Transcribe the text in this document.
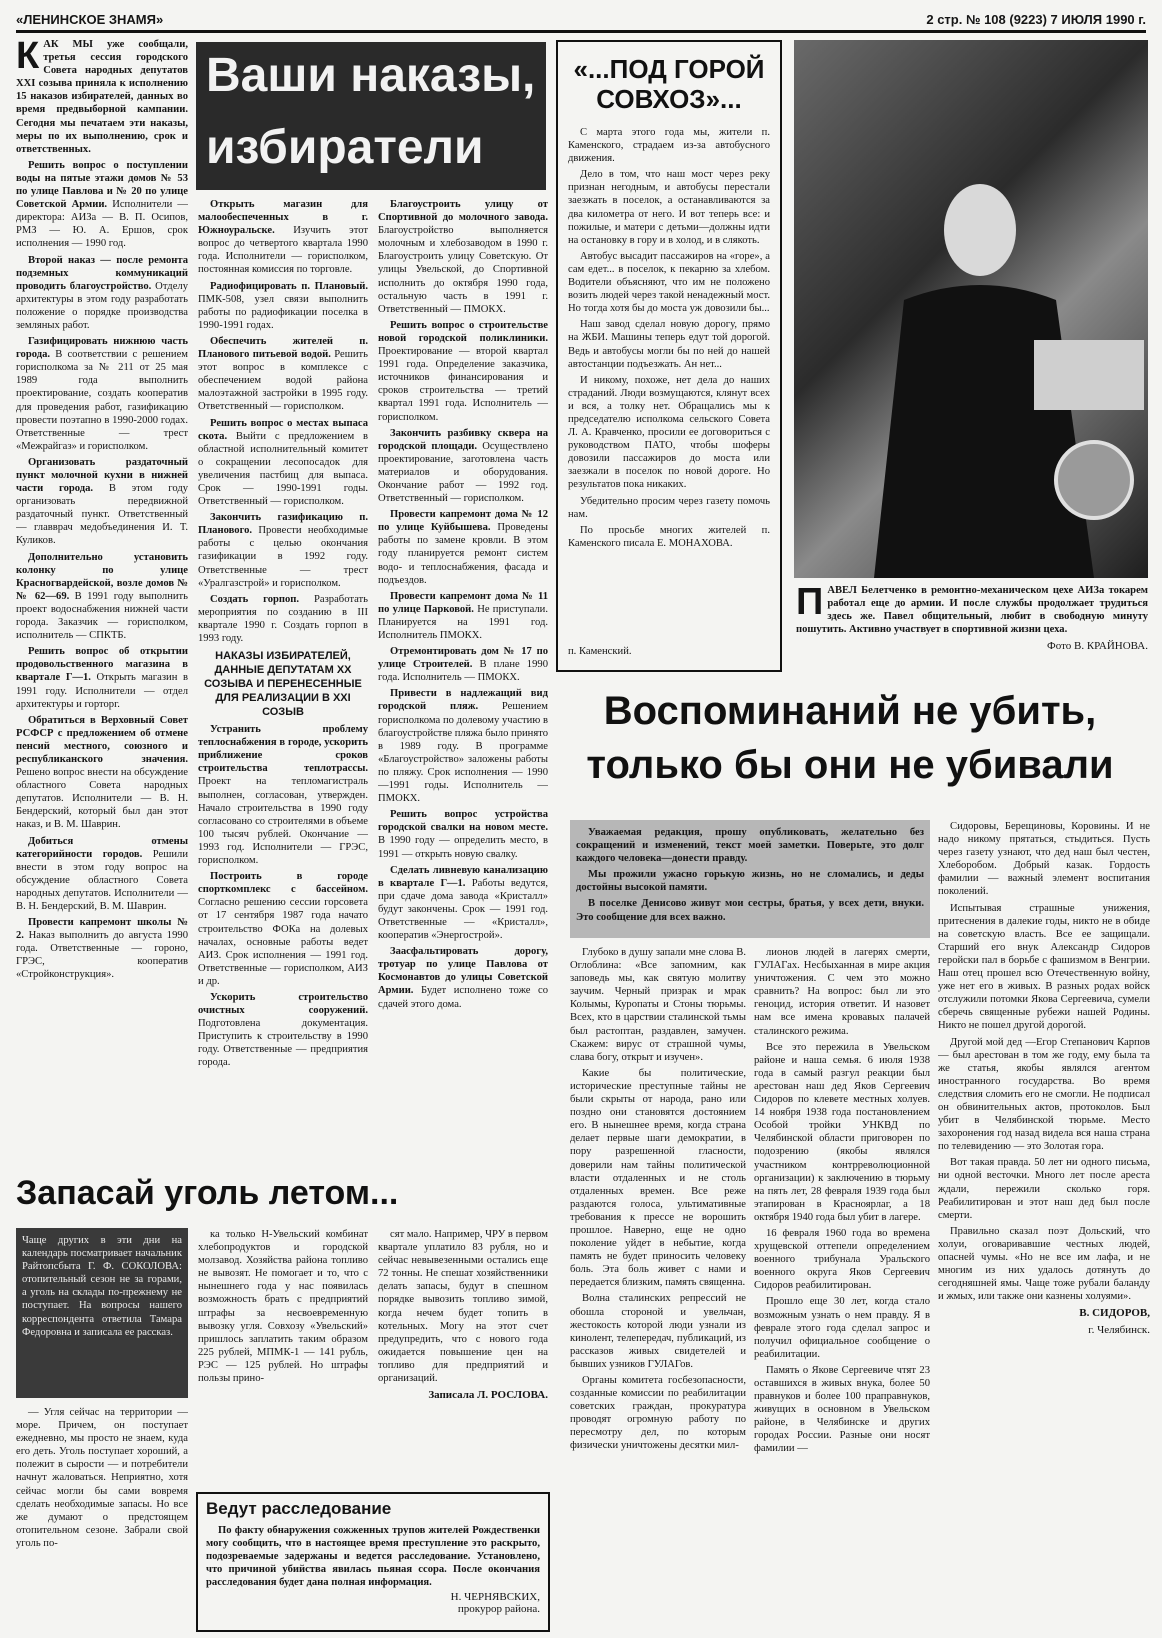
«ЛЕНИНСКОЕ ЗНАМЯ»	2 стр. № 108 (9223) 7 ИЮЛЯ 1990 г.

КАК МЫ уже сообщали, третья сессия городского Совета народных депутатов XXI созыва приняла к исполнению 15 наказов избирателей, данных во время предвыборной кампании. Сегодня мы печатаем эти наказы, меры по их выполнению, срок и ответственных.

Решить вопрос о поступлении воды на пятые этажи домов № 53 по улице Павлова и № 20 по улице Советской Армии. Исполнители — директора: АИЗа — В. П. Осипов, РМЗ — Ю. А. Ершов, срок исполнения — 1990 год.

Второй наказ — после ремонта подземных коммуникаций проводить благоустройство. Отделу архитектуры в этом году разработать положение о порядке производства земляных работ.

Газифицировать нижнюю часть города. В соответствии с решением горисполкома за № 211 от 25 мая 1989 года выполнить проектирование, создать кооператив для проведения работ, газификацию провести поэтапно в 1990-2000 годах. Ответственные — трест «Межрайгаз» и горисполком.

Организовать раздаточный пункт молочной кухни в нижней части города. В этом году организовать передвижной раздаточный пункт. Ответственный — главврач медобъединения И. Т. Куликов.

Дополнительно установить колонку по улице Красногвардейской, возле домов №№ 62—69. В 1991 году выполнить проект водоснабжения нижней части города. Заказчик — горисполком, исполнитель — СПКТБ.

Решить вопрос об открытии продовольственного магазина в квартале Г—1. Открыть магазин в 1991 году. Исполнители — отдел архитектуры и горторг.

Обратиться в Верховный Совет РСФСР с предложением об отмене пенсий местного, союзного и республиканского значения. Решено вопрос внести на обсуждение областного Совета народных депутатов. Исполнители — В. Н. Бендерский, который был дан этот наказ, и В. М. Шаврин.

Добиться отмены категорийности городов. Решили внести в этом году вопрос на обсуждение областного Совета народных депутатов. Исполнители — В. Н. Бендерский, В. М. Шаврин.

Провести капремонт школы № 2. Наказ выполнить до августа 1990 года. Ответственные — гороно, ГРЭС, кооператив «Стройконструкция».

Ваши наказы,
избиратели

Открыть магазин для малообеспеченных в г. Южноуральске. Изучить этот вопрос до четвертого квартала 1990 года. Исполнители — горисполком, постоянная комиссия по торговле.

Радиофицировать п. Плановый. ПМК-508, узел связи выполнить работы по радиофикации поселка в 1990-1991 годах.

Обеспечить жителей п. Планового питьевой водой. Решить этот вопрос в комплексе с обеспечением водой района малоэтажной застройки в 1995 году. Ответственный — горисполком.

Решить вопрос о местах выпаса скота. Выйти с предложением в областной исполнительный комитет о сокращении лесопосадок для увеличения пастбищ для выпаса. Срок — 1990-1991 годы. Ответственный — горисполком.

Закончить газификацию п. Планового. Провести необходимые работы с целью окончания газификации в 1992 году. Ответственные — трест «Уралгазстрой» и горисполком.

Создать горпоп. Разработать мероприятия по созданию в III квартале 1990 г. Создать горпоп в 1993 году.

НАКАЗЫ ИЗБИРАТЕЛЕЙ, ДАННЫЕ ДЕПУТАТАМ XX СОЗЫВА И ПЕРЕНЕСЕННЫЕ ДЛЯ РЕАЛИЗАЦИИ В XXI СОЗЫВ

Устранить проблему теплоснабжения в городе, ускорить приближение сроков строительства теплотрассы. Проект на тепломагистраль выполнен, согласован, утвержден. Начало строительства в 1990 году согласовано со строителями в объеме 100 тысяч рублей. Окончание — 1993 год. Исполнители — ГРЭС, горисполком.

Построить в городе спорткомплекс с бассейном. Согласно решению сессии горсовета от 17 сентября 1987 года начато строительство ФОКа на долевых началах, основные работы ведет АИЗ. Срок исполнения — 1991 год. Ответственные — горисполком, АИЗ и др.

Ускорить строительство очистных сооружений. Подготовлена документация. Приступить к строительству в 1990 году. Ответственные — предприятия города.

Благоустроить улицу от Спортивной до молочного завода. Благоустройство выполняется молочным и хлебозаводом в 1990 г. Благоустроить улицу Советскую. От улицы Увельской, до Спортивной исполнить до октября 1990 года, остальную часть в 1991 г. Ответственный — ПМОКХ.

Решить вопрос о строительстве новой городской поликлиники. Проектирование — второй квартал 1991 года. Определение заказчика, источников финансирования и сроков строительства — третий квартал 1991 года. Исполнитель — горисполком.

Закончить разбивку сквера на городской площади. Осуществлено проектирование, заготовлена часть материалов и оборудования. Окончание работ — 1992 год. Ответственный — горисполком.

Провести капремонт дома № 12 по улице Куйбышева. Проведены работы по замене кровли. В этом году планируется ремонт систем водо- и теплоснабжения, фасада и подъездов.

Провести капремонт дома № 11 по улице Парковой. Не приступали. Планируется на 1991 год. Исполнитель ПМОКХ.

Отремонтировать дом № 17 по улице Строителей. В плане 1990 года. Исполнитель — ПМОКХ.

Привести в надлежащий вид городской пляж. Решением горисполкома по долевому участию в благоустройстве пляжа было принято в 1989 году. В программе «Благоустройство» заложены работы по пляжу. Срок исполнения — 1990—1991 годы. Исполнитель — ПМОКХ.

Решить вопрос устройства городской свалки на новом месте. В 1990 году — определить место, в 1991 — открыть новую свалку.

Сделать ливневую канализацию в квартале Г—1. Работы ведутся, при сдаче дома завода «Кристалл» будут закончены. Срок — 1991 год. Ответственные — «Кристалл», кооператив «Энергострой».

Заасфальтировать дорогу, тротуар по улице Павлова от Космонавтов до улицы Советской Армии. Будет исполнено тоже со сдачей этого дома.

«...ПОД ГОРОЙ СОВХОЗ»...

С марта этого года мы, жители п. Каменского, страдаем из-за автобусного движения.

Дело в том, что наш мост через реку признан негодным, и автобусы перестали заезжать в поселок, а останавливаются за два километра от него. И вот теперь все: и пожилые, и матери с детьми—должны идти на остановку в гору и в холод, и в слякоть.

Автобус высадит пассажиров на «горе», а сам едет... в поселок, к пекарню за хлебом. Водители объясняют, что им не положено возить людей через такой ненадежный мост. Но тогда хотя бы до моста уж довозили бы...

Наш завод сделал новую дорогу, прямо на ЖБИ. Машины теперь едут той дорогой. Ведь и автобусы могли бы по ней до нашей автостанции подъезжать. Ан нет...

И никому, похоже, нет дела до наших страданий. Люди возмущаются, клянут всех и вся, а толку нет. Обращались мы к председателю исполкома сельского Совета Л. А. Кравченко, просили ее договориться с руководством ПАТО, чтобы шоферы довозили пассажиров до моста или заезжали в поселок по новой дороге. Но результатов пока никаких.

Убедительно просим через газету помочь нам.

По просьбе многих жителей п. Каменского писала Е. МОНАХОВА.

п. Каменский.

ПАВЕЛ Белетченко в ремонтно-механическом цехе АИЗа токарем работал еще до армии. И после службы продолжает трудиться здесь же. Павел общительный, любит в свободную минуту пошутить. Активно участвует в спортивной жизни цеха.

Фото В. КРАЙНОВА.
Воспоминаний не убить,
только бы они не убивали

Уважаемая редакция, прошу опубликовать, желательно без сокращений и изменений, текст моей заметки. Поверьте, это долг каждого человека—донести правду.

Мы прожили ужасно горькую жизнь, но не сломались, и деды достойны высокой памяти.

В поселке Денисово живут мои сестры, братья, у всех дети, внуки. Это сообщение для всех важно.

Глубоко в душу запали мне слова В. Оглоблина: «Все запомним, как заповедь мы, как святую молитву заучим. Черный призрак и мрак Колымы, Куропаты и Стоны тюрьмы. Всех, кто в царствии сталинской тьмы был растоптан, раздавлен, замучен. Скажем: вирус от страшной чумы, слава богу, открыт и изучен».

Какие бы политические, исторические преступные тайны не были скрыты от народа, рано или поздно они становятся достоянием его. В нынешнее время, когда страна делает первые шаги демократии, в пору разрешенной гласности, доверили нам тайны политической власти отдаленных и не столь отдаленных времен. Все реже раздаются голоса, ультимативные требования к прессе не ворошить прошлое. Наверно, еще не одно поколение уйдет в небытие, когда память не будет приносить человеку боль. Эта боль живет с нами и передается близким, память священна.

Волна сталинских репрессий не обошла стороной и увельчан, жестокость которой люди узнали из кинолент, телепередач, публикаций, из рассказов живых свидетелей и бывших узников ГУЛАГов.

Органы комитета госбезопасности, созданные комиссии по реабилитации советских граждан, прокуратура проводят огромную работу по пересмотру дел, по которым физически уничтожены десятки мил-

лионов людей в лагерях смерти, ГУЛАГах. Несбыханная в мире акция уничтожения. С чем это можно сравнить? На вопрос: был ли это геноцид, история ответит. И назовет нам все имена кровавых палачей сталинского режима.

Все это пережила в Увельском районе и наша семья. 6 июля 1938 года в самый разгул реакции был арестован наш дед Яков Сергеевич Сидоров по клевете местных холуев. 14 ноября 1938 года постановлением Особой тройки УНКВД по Челябинской области приговорен по подозрению (якобы являлся участником контрреволюционной организации) к заключению в тюрьму на пять лет, 28 февраля 1939 года был этапирован в Красноярлаг, а 18 октября 1940 года был убит в лагере.

16 февраля 1960 года во времена хрущевской оттепели определением военного трибунала Уральского военного округа Яков Сергеевич Сидоров реабилитирован.

Прошло еще 30 лет, когда стало возможным узнать о нем правду. Я в феврале этого года сделал запрос и получил официальное сообщение о реабилитации.

Память о Якове Сергеевиче чтят 23 оставшихся в живых внука, более 50 правнуков и более 100 праправнуков, живущих в основном в Увельском районе, в Челябинске и других городах России. Разные они носят фамилии —

Сидоровы, Берещиновы, Коровины. И не надо никому прятаться, стыдиться. Пусть через газету узнают, что дед наш был честен, Хлеборобом. Добрый казак. Гордость фамилии — важный элемент воспитания поколений.

Испытывая страшные унижения, притеснения в далекие годы, никто не в обиде на советскую власть. Все ее защищали. Старший его внук Александр Сидоров геройски пал в борьбе с фашизмом в Венгрии. Наш отец прошел всю Отечественную войну, уже нет его в живых. В разных родах войск отслужили потомки Якова Сергеевича, сумели сберечь священные рубежи нашей Родины. Никто не пошел другой дорогой.

Другой мой дед —Егор Степанович Карпов — был арестован в том же году, ему была та же статья, якобы являлся агентом иностранного государства. Во время следствия сломить его не смогли. Не подписал он обвинительных актов, протоколов. Был убит в Челябинской тюрьме. Место захоронения год назад видела вся наша страна по телевидению — это Золотая гора.

Вот такая правда. 50 лет ни одного письма, ни одной весточки. Много лет после ареста ждали, пережили сколько горя. Реабилитирован и этот наш дед был после смерти.

Правильно сказал поэт Дольский, что холуи, оговаривавшие честных людей, опасней чумы. «Но не все им лафа, и не многим из них удалось дотянуть до сегодняшней ямы. Чаще тоже рубали баланду и жмых, или также они казнены холуями».

В. СИДОРОВ,
г. Челябинск.
Запасай уголь летом...
Чаще других в эти дни на календарь посматривает начальник Райтопсбыта Г. Ф. СОКОЛОВА: отопительный сезон не за горами, а уголь на склады по-прежнему не поступает. На вопросы нашего корреспондента ответила Тамара Федоровна и записала ее рассказ.

— Угля сейчас на территории — море. Причем, он поступает ежедневно, мы просто не знаем, куда его деть. Уголь поступает хороший, а полежит в сырости — и потребители начнут жаловаться. Неприятно, хотя сейчас могли бы сами вовремя сделать необходимые запасы. Но все же думают о предстоящем отопительном сезоне. Забрали свой уголь по-

ка только Н-Увельский комбинат хлебопродуктов и городской молзавод. Хозяйства района топливо не вывозят. Не помогает и то, что с нынешнего года у нас появилась возможность брать с предприятий штрафы за несвоевременную вывозку угля. Совхозу «Увельский» пришлось заплатить таким образом 225 рублей, МПМК-1 — 141 рубль, РЭС — 125 рублей. Но штрафы пользы прино-

сят мало. Например, ЧРУ в первом квартале уплатило 83 рубля, но и сейчас невывезенными остались еще 72 тонны. Не спешат хозяйственники делать запасы, будут в спешном порядке вывозить топливо зимой, когда нечем будет топить в котельных. Могу на этот счет предупредить, что с нового года ожидается повышение цен на топливо для предприятий и организаций.

Записала Л. РОСЛОВА.
Ведут расследование
По факту обнаружения сожженных трупов жителей Рождественки могу сообщить, что в настоящее время преступление это раскрыто, подозреваемые задержаны и ведется расследование. Установлено, что причиной убийства явилась пьяная ссора. После окончания расследования будет дана полная информация.
Н. ЧЕРНЯВСКИХ,
прокурор района.
